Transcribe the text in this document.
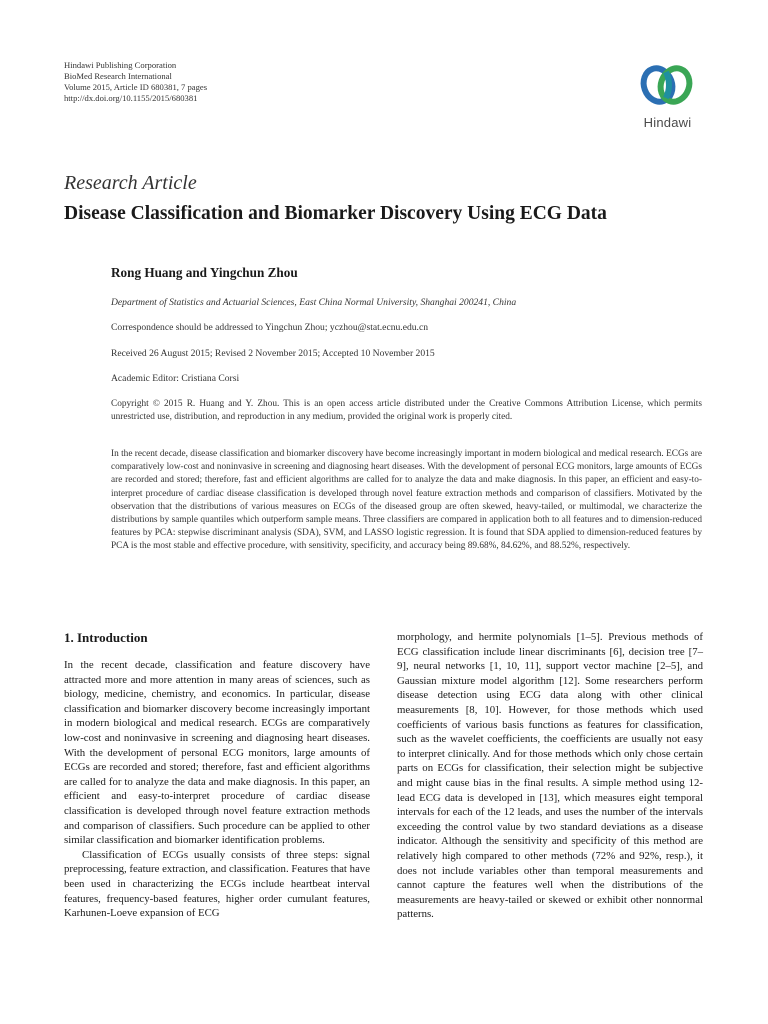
Hindawi Publishing Corporation
BioMed Research International
Volume 2015, Article ID 680381, 7 pages
http://dx.doi.org/10.1155/2015/680381
Hindawi
Research Article
Disease Classification and Biomarker Discovery Using ECG Data
Rong Huang and Yingchun Zhou
Department of Statistics and Actuarial Sciences, East China Normal University, Shanghai 200241, China
Correspondence should be addressed to Yingchun Zhou; yczhou@stat.ecnu.edu.cn
Received 26 August 2015; Revised 2 November 2015; Accepted 10 November 2015
Academic Editor: Cristiana Corsi
Copyright © 2015 R. Huang and Y. Zhou. This is an open access article distributed under the Creative Commons Attribution License, which permits unrestricted use, distribution, and reproduction in any medium, provided the original work is properly cited.
In the recent decade, disease classification and biomarker discovery have become increasingly important in modern biological and medical research. ECGs are comparatively low-cost and noninvasive in screening and diagnosing heart diseases. With the development of personal ECG monitors, large amounts of ECGs are recorded and stored; therefore, fast and efficient algorithms are called for to analyze the data and make diagnosis. In this paper, an efficient and easy-to-interpret procedure of cardiac disease classification is developed through novel feature extraction methods and comparison of classifiers. Motivated by the observation that the distributions of various measures on ECGs of the diseased group are often skewed, heavy-tailed, or multimodal, we characterize the distributions by sample quantiles which outperform sample means. Three classifiers are compared in application both to all features and to dimension-reduced features by PCA: stepwise discriminant analysis (SDA), SVM, and LASSO logistic regression. It is found that SDA applied to dimension-reduced features by PCA is the most stable and effective procedure, with sensitivity, specificity, and accuracy being 89.68%, 84.62%, and 88.52%, respectively.
1. Introduction

In the recent decade, classification and feature discovery have attracted more and more attention in many areas of sciences, such as biology, medicine, chemistry, and economics. In particular, disease classification and biomarker discovery become increasingly important in modern biological and medical research. ECGs are comparatively low-cost and noninvasive in screening and diagnosing heart diseases. With the development of personal ECG monitors, large amounts of ECGs are recorded and stored; therefore, fast and efficient algorithms are called for to analyze the data and make diagnosis. In this paper, an efficient and easy-to-interpret procedure of cardiac disease classification is developed through novel feature extraction methods and comparison of classifiers. Such procedure can be applied to other similar classification and biomarker identification problems.

Classification of ECGs usually consists of three steps: signal preprocessing, feature extraction, and classification. Features that have been used in characterizing the ECGs include heartbeat interval features, frequency-based features, higher order cumulant features, Karhunen-Loeve expansion of ECG

morphology, and hermite polynomials [1–5]. Previous methods of ECG classification include linear discriminants [6], decision tree [7–9], neural networks [1, 10, 11], support vector machine [2–5], and Gaussian mixture model algorithm [12]. Some researchers perform disease detection using ECG data along with other clinical measurements [8, 10]. However, for those methods which used coefficients of various basis functions as features for classification, such as the wavelet coefficients, the coefficients are usually not easy to interpret clinically. And for those methods which only chose certain parts on ECGs for classification, their selection might be subjective and might cause bias in the final results. A simple method using 12-lead ECG data is developed in [13], which measures eight temporal intervals for each of the 12 leads, and uses the number of the intervals exceeding the control value by two standard deviations as a disease indicator. Although the sensitivity and specificity of this method are relatively high compared to other methods (72% and 92%, resp.), it does not include variables other than temporal measurements and cannot capture the features well when the distributions of the measurements are heavy-tailed or skewed or exhibit other nonnormal patterns.
